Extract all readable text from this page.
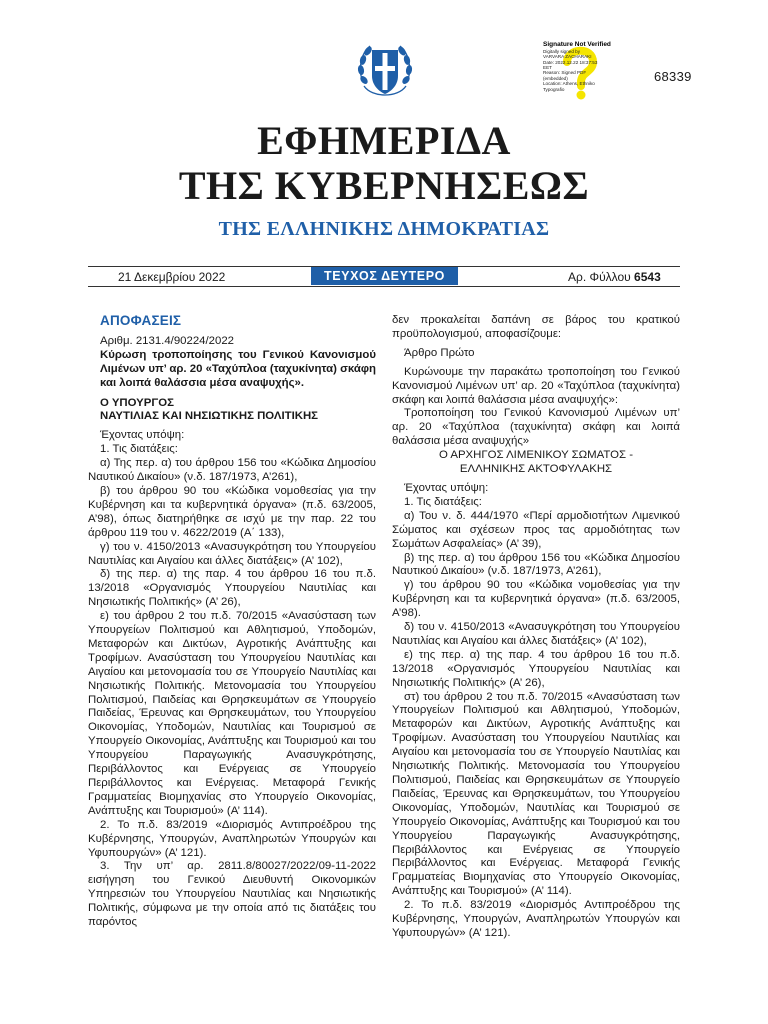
Signature Not Verified
Digitally signed by
VARVARA ZACHARAKI
Date: 2022.12.22 18:37:53
EET
Reason: Signed PDF
(embedded)
Location: Athens, Ethniko
Typografio
68339
ΕΦΗΜΕΡΙΔΑ
ΤΗΣ ΚΥΒΕΡΝΗΣΕΩΣ
ΤΗΣ ΕΛΛΗΝΙΚΗΣ ΔΗΜΟΚΡΑΤΙΑΣ
21 Δεκεμβρίου 2022	ΤΕΥΧΟΣ ΔΕΥΤΕΡΟ	Αρ. Φύλλου 6543
ΑΠΟΦΑΣΕΙΣ

Αριθμ. 2131.4/90224/2022

Κύρωση τροποποίησης του Γενικού Κανονισμού Λιμένων υπ’ αρ. 20 «Ταχύπλοα (ταχυκίνητα) σκάφη και λοιπά θαλάσσια μέσα αναψυχής».

Ο ΥΠΟΥΡΓΟΣ

ΝΑΥΤΙΛΙΑΣ ΚΑΙ ΝΗΣΙΩΤΙΚΗΣ ΠΟΛΙΤΙΚΗΣ

Έχοντας υπόψη:

1. Τις διατάξεις:

α) Της περ. α) του άρθρου 156 του «Κώδικα Δημοσίου Ναυτικού Δικαίου» (ν.δ. 187/1973, Α’261),

β) του άρθρου 90 του «Κώδικα νομοθεσίας για την Κυβέρνηση και τα κυβερνητικά όργανα» (π.δ. 63/2005, Α’98), όπως διατηρήθηκε σε ισχύ με την παρ. 22 του άρθρου 119 του ν. 4622/2019 (Α΄ 133),

γ) του ν. 4150/2013 «Ανασυγκρότηση του Υπουργείου Ναυτιλίας και Αιγαίου και άλλες διατάξεις» (Α’ 102),

δ) της περ. α) της παρ. 4 του άρθρου 16 του π.δ. 13/2018 «Οργανισμός Υπουργείου Ναυτιλίας και Νησιωτικής Πολιτικής» (Α’ 26),

ε) του άρθρου 2 του π.δ. 70/2015 «Ανασύσταση των Υπουργείων Πολιτισμού και Αθλητισμού, Υποδομών, Μεταφορών και Δικτύων, Αγροτικής Ανάπτυξης και Τροφίμων. Ανασύσταση του Υπουργείου Ναυτιλίας και Αιγαίου και μετονομασία του σε Υπουργείο Ναυτιλίας και Νησιωτικής Πολιτικής. Μετονομασία του Υπουργείου Πολιτισμού, Παιδείας και Θρησκευμάτων σε Υπουργείο Παιδείας, Έρευνας και Θρησκευμάτων, του Υπουργείου Οικονομίας, Υποδομών, Ναυτιλίας και Τουρισμού σε Υπουργείο Οικονομίας, Ανάπτυξης και Τουρισμού και του Υπουργείου Παραγωγικής Ανασυγκρότησης, Περιβάλλοντος και Ενέργειας σε Υπουργείο Περιβάλλοντος και Ενέργειας. Μεταφορά Γενικής Γραμματείας Βιομηχανίας στο Υπουργείο Οικονομίας, Ανάπτυξης και Τουρισμού» (Α’ 114).

2. Το π.δ. 83/2019 «Διορισμός Αντιπροέδρου της Κυβέρνησης, Υπουργών, Αναπληρωτών Υπουργών και Υφυπουργών» (Α’ 121).

3. Την υπ’ αρ. 2811.8/80027/2022/09-11-2022 εισήγηση του Γενικού Διευθυντή Οικονομικών Υπηρεσιών του Υπουργείου Ναυτιλίας και Νησιωτικής Πολιτικής, σύμφωνα με την οποία από τις διατάξεις του παρόντος

δεν προκαλείται δαπάνη σε βάρος του κρατικού προϋπολογισμού, αποφασίζουμε:

Άρθρο Πρώτο

Κυρώνουμε την παρακάτω τροποποίηση του Γενικού Κανονισμού Λιμένων υπ’ αρ. 20 «Ταχύπλοα (ταχυκίνητα) σκάφη και λοιπά θαλάσσια μέσα αναψυχής»:

Τροποποίηση του Γενικού Κανονισμού Λιμένων υπ’ αρ. 20 «Ταχύπλοα (ταχυκίνητα) σκάφη και λοιπά θαλάσσια μέσα αναψυχής»

Ο ΑΡΧΗΓΟΣ ΛΙΜΕΝΙΚΟΥ ΣΩΜΑΤΟΣ -

ΕΛΛΗΝΙΚΗΣ ΑΚΤΟΦΥΛΑΚΗΣ

Έχοντας υπόψη:

1. Τις διατάξεις:

α) Του ν. δ. 444/1970 «Περί αρμοδιοτήτων Λιμενικού Σώματος και σχέσεων προς τας αρμοδιότητας των Σωμάτων Ασφαλείας» (Α’ 39),

β) της περ. α) του άρθρου 156 του «Κώδικα Δημοσίου Ναυτικού Δικαίου» (ν.δ. 187/1973, Α’261),

γ) του άρθρου 90 του «Κώδικα νομοθεσίας για την Κυβέρνηση και τα κυβερνητικά όργανα» (π.δ. 63/2005, Α’98).

δ) του ν. 4150/2013 «Ανασυγκρότηση του Υπουργείου Ναυτιλίας και Αιγαίου και άλλες διατάξεις» (Α’ 102),

ε) της περ. α) της παρ. 4 του άρθρου 16 του π.δ. 13/2018 «Οργανισμός Υπουργείου Ναυτιλίας και Νησιωτικής Πολιτικής» (Α’ 26),

στ) του άρθρου 2 του π.δ. 70/2015 «Ανασύσταση των Υπουργείων Πολιτισμού και Αθλητισμού, Υποδομών, Μεταφορών και Δικτύων, Αγροτικής Ανάπτυξης και Τροφίμων. Ανασύσταση του Υπουργείου Ναυτιλίας και Αιγαίου και μετονομασία του σε Υπουργείο Ναυτιλίας και Νησιωτικής Πολιτικής. Μετονομασία του Υπουργείου Πολιτισμού, Παιδείας και Θρησκευμάτων σε Υπουργείο Παιδείας, Έρευνας και Θρησκευμάτων, του Υπουργείου Οικονομίας, Υποδομών, Ναυτιλίας και Τουρισμού σε Υπουργείο Οικονομίας, Ανάπτυξης και Τουρισμού και του Υπουργείου Παραγωγικής Ανασυγκρότησης, Περιβάλλοντος και Ενέργειας σε Υπουργείο Περιβάλλοντος και Ενέργειας. Μεταφορά Γενικής Γραμματείας Βιομηχανίας στο Υπουργείο Οικονομίας, Ανάπτυξης και Τουρισμού» (Α’ 114).

2. Το π.δ. 83/2019 «Διορισμός Αντιπροέδρου της Κυβέρνησης, Υπουργών, Αναπληρωτών Υπουργών και Υφυπουργών» (Α’ 121).
